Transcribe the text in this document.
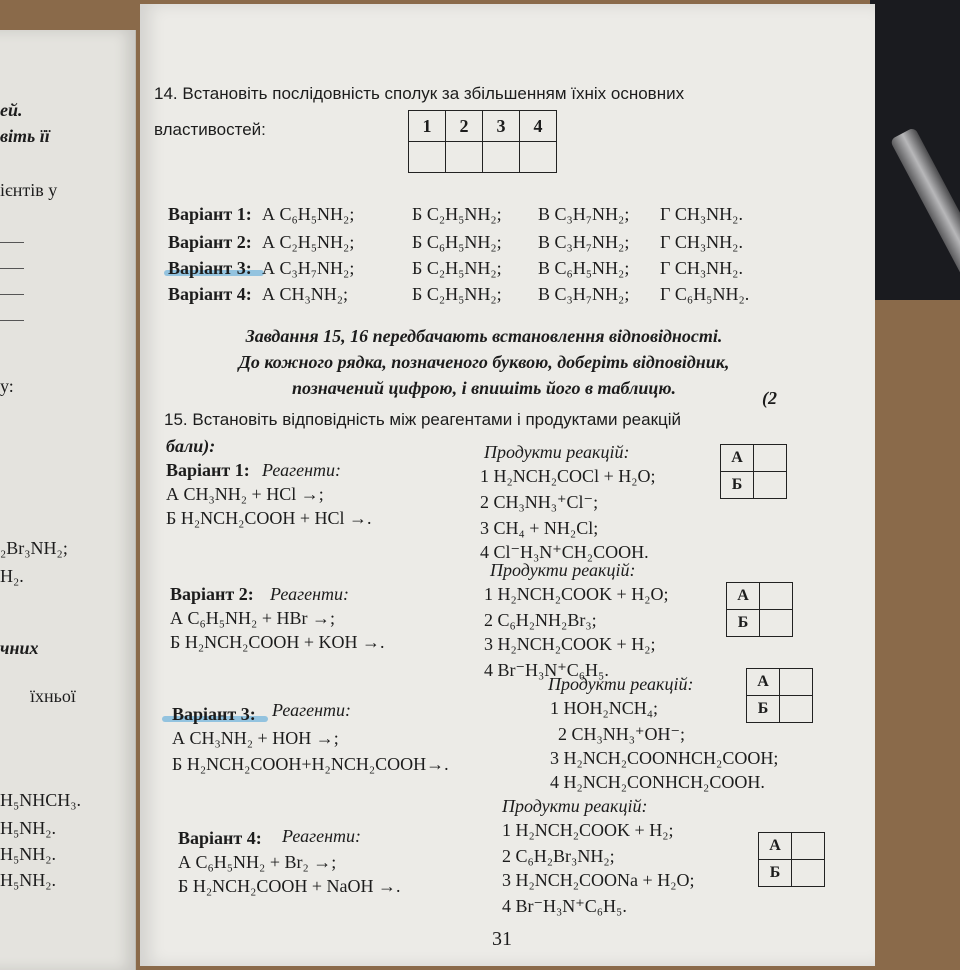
ей.
віть її
ієнтів у
у:
₂Br₃NH₂;
H₂.
чних
їхньої
H₅NHCH₃.
H₅NH₂.
H₅NH₂.
H₅NH₂.
14. Встановіть послідовність сполук за збільшенням їхніх основних
властивостей:	1	2	3	4

Варіант 1: А C₆H₅NH₂;	Б C₂H₅NH₂; В C₃H₇NH₂; Г CH₃NH₂.
Варіант 2: А C₂H₅NH₂;	Б C₆H₅NH₂; В C₃H₇NH₂; Г CH₃NH₂.
Варіант 3: А C₃H₇NH₂;	Б C₂H₅NH₂; В C₆H₅NH₂; Г CH₃NH₂.
Варіант 4: А CH₃NH₂;	Б C₂H₅NH₂; В C₃H₇NH₂; Г C₆H₅NH₂.
Завдання 15, 16 передбачають встановлення відповідності.
До кожного рядка, позначеного буквою, доберіть відповідник,
позначений цифрою, і впишіть його в таблицю.
15. Встановіть відповідність між реагентами і продуктами реакцій
(2
бали):
Варіант 1: Реагенти:
А CH₃NH₂ + HCl →;
Б H₂NCH₂COOH + HCl →.
Продукти реакцій:
1 H₂NCH₂COCl + H₂O;
2 CH₃NH₃⁺Cl⁻;
3 CH₄ + NH₂Cl;
4 Cl⁻H₃N⁺CH₂COOH.
А	
Б	
Варіант 2: Реагенти:
А C₆H₅NH₂ + HBr →;
Б H₂NCH₂COOH + KOH →.
Продукти реакцій:
1 H₂NCH₂COOK + H₂O;
2 C₆H₂NH₂Br₃;
3 H₂NCH₂COOK + H₂;
4 Br⁻H₃N⁺C₆H₅.
А	
Б	
Варіант 3: Реагенти:
А CH₃NH₂ + HOH →;
Б H₂NCH₂COOH+H₂NCH₂COOH→.
Продукти реакцій:
1 HOH₂NCH₄;
2 CH₃NH₃⁺OH⁻;
3 H₂NCH₂COONHCH₂COOH;
4 H₂NCH₂CONHCH₂COOH.
А	
Б	
Варіант 4: Реагенти:
А C₆H₅NH₂ + Br₂ →;
Б H₂NCH₂COOH + NaOH →.
Продукти реакцій:
1 H₂NCH₂COOK + H₂;
2 C₆H₂Br₃NH₂;
3 H₂NCH₂COONa + H₂O;
4 Br⁻H₃N⁺C₆H₅.
А	
Б	
31
